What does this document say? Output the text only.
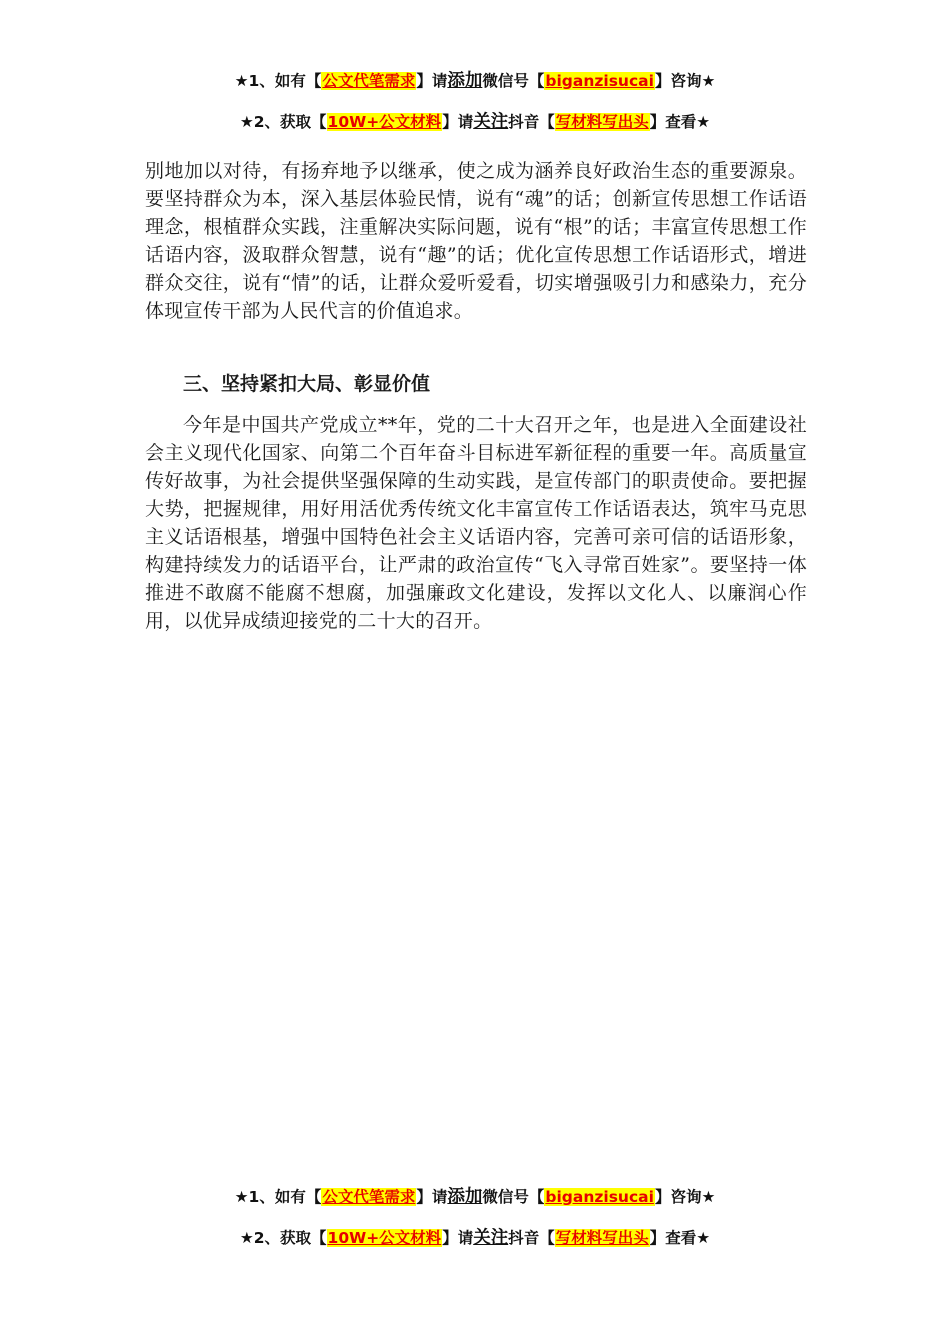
★1、如有【公文代笔需求】请添加微信号【biganzisucai】咨询★
★2、获取【10W+公文材料】请关注抖音【写材料写出头】查看★

别地加以对待，有扬弃地予以继承，使之成为涵养良好政治生态的重要源泉。要坚持群众为本，深入基层体验民情，说有“魂”的话；创新宣传思想工作话语理念，根植群众实践，注重解决实际问题，说有“根”的话；丰富宣传思想工作话语内容，汲取群众智慧，说有“趣”的话；优化宣传思想工作话语形式，增进群众交往，说有“情”的话，让群众爱听爱看，切实增强吸引力和感染力，充分体现宣传干部为人民代言的价值追求。

三、坚持紧扣大局、彰显价值

今年是中国共产党成立**年，党的二十大召开之年，也是进入全面建设社会主义现代化国家、向第二个百年奋斗目标进军新征程的重要一年。高质量宣传好故事，为社会提供坚强保障的生动实践，是宣传部门的职责使命。要把握大势，把握规律，用好用活优秀传统文化丰富宣传工作话语表达，筑牢马克思主义话语根基，增强中国特色社会主义话语内容，完善可亲可信的话语形象，构建持续发力的话语平台，让严肃的政治宣传“飞入寻常百姓家”。要坚持一体推进不敢腐不能腐不想腐，加强廉政文化建设，发挥以文化人、以廉润心作用，以优异成绩迎接党的二十大的召开。

★1、如有【公文代笔需求】请添加微信号【biganzisucai】咨询★
★2、获取【10W+公文材料】请关注抖音【写材料写出头】查看★
